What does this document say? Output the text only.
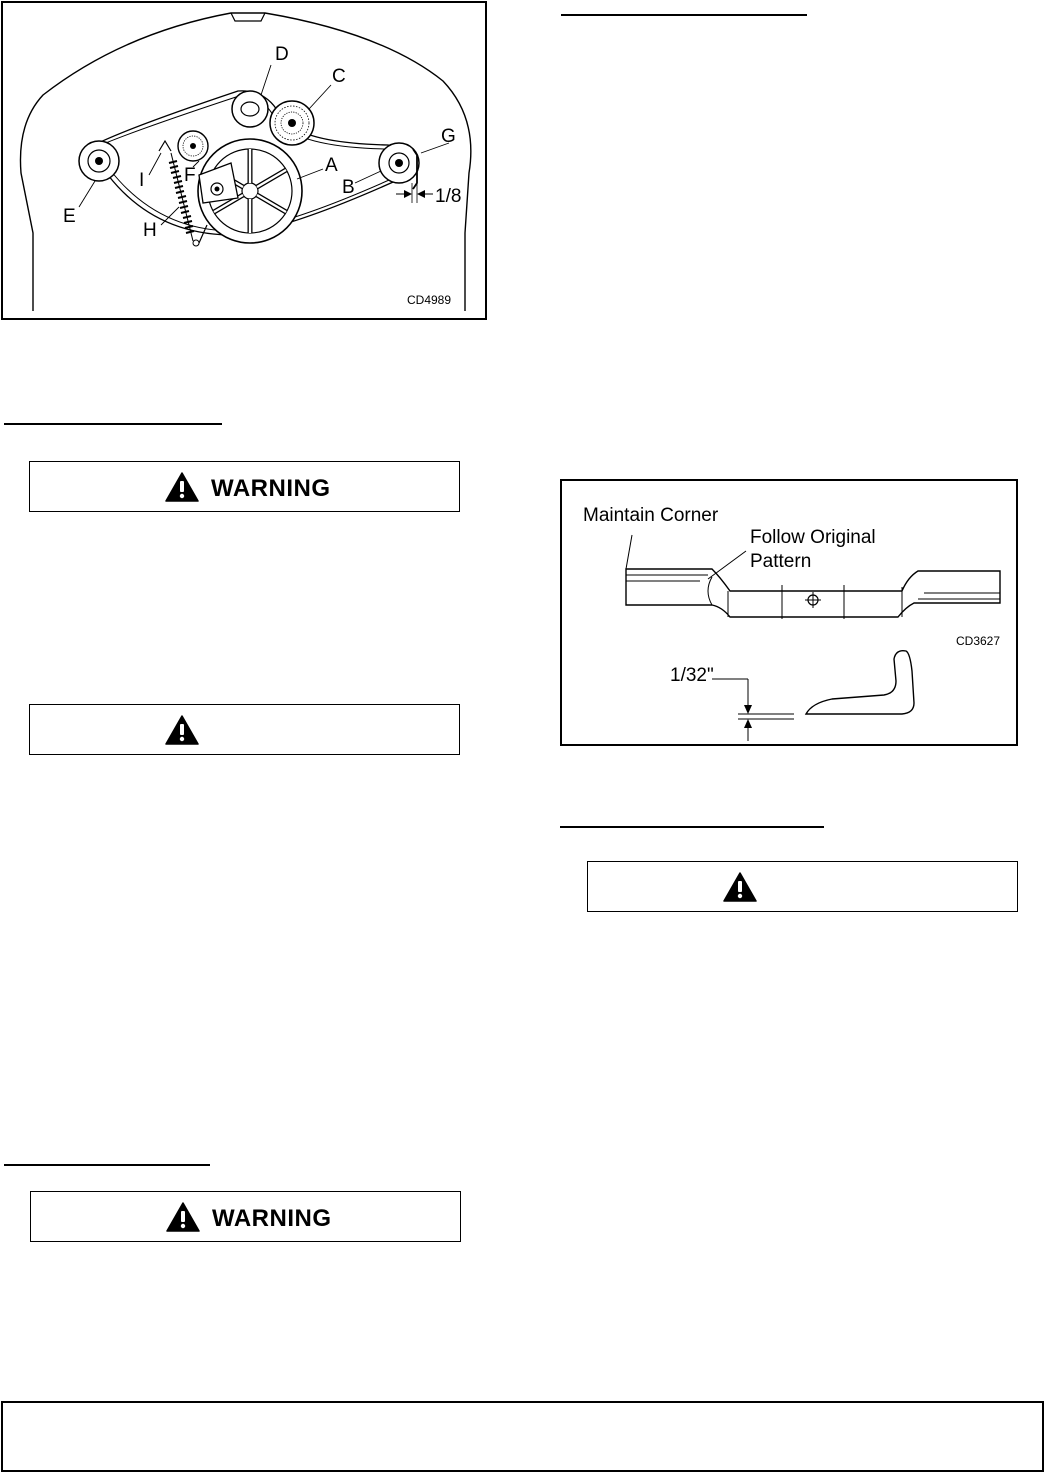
A
B
C
D
E
F
G
H
I
1/8
CD4989
WARNING
WARNING
Maintain Corner
Follow Original
Pattern
CD3627
1/32"
